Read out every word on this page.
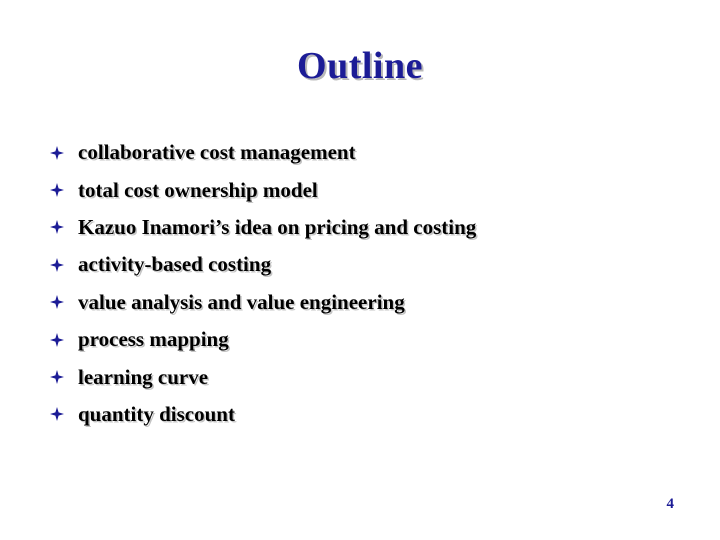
Outline
collaborative cost management
total cost ownership model
Kazuo Inamori’s idea on pricing and costing
activity-based costing
value analysis and value engineering
process mapping
learning curve
quantity discount
4
